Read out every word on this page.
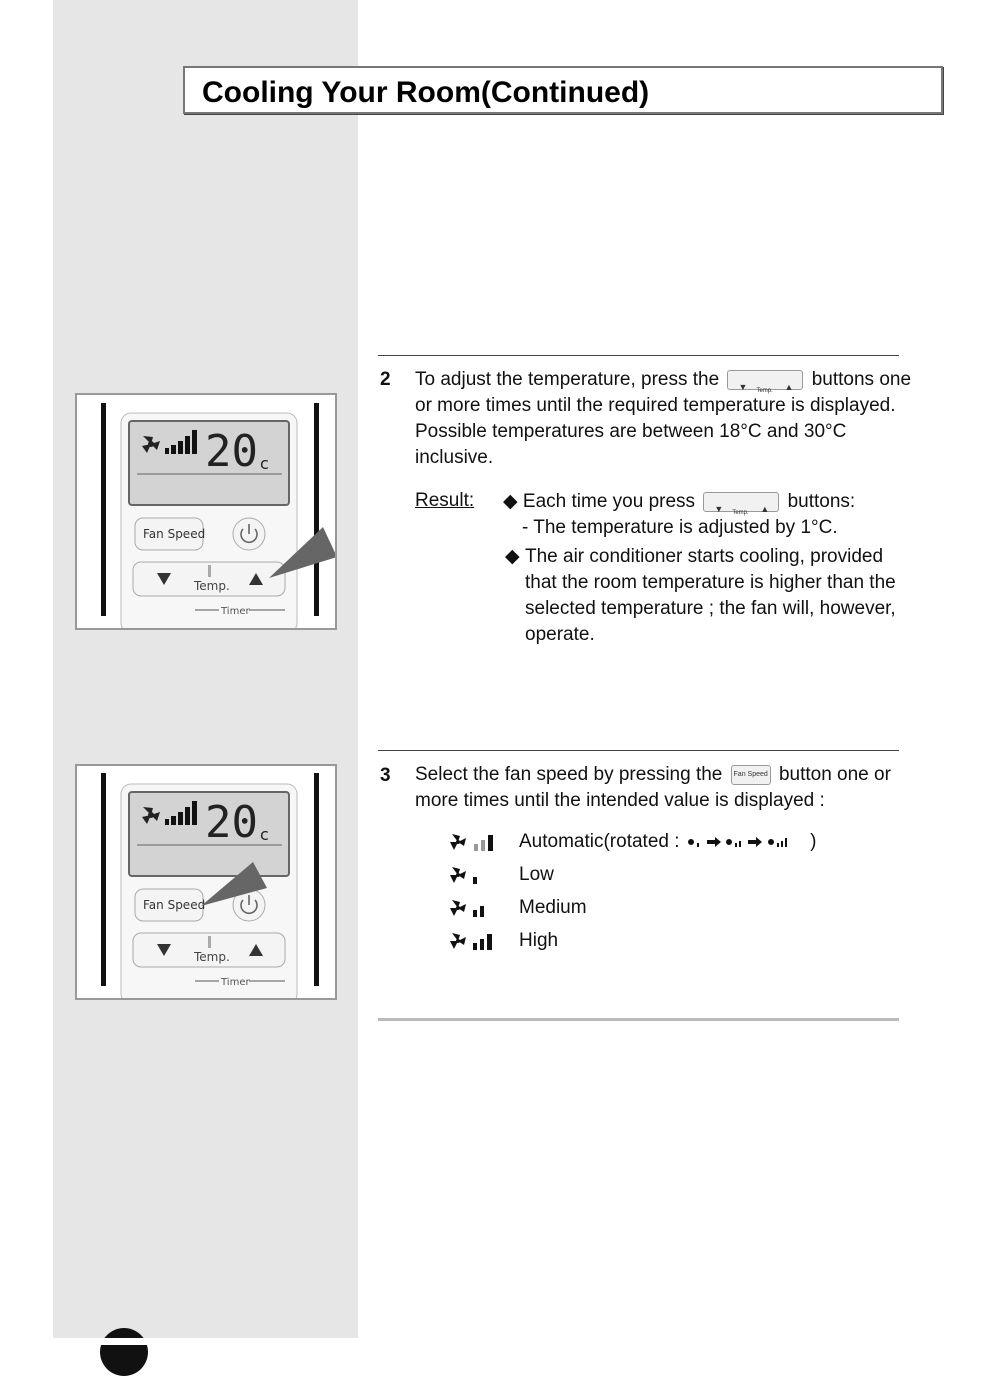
Cooling Your Room(Continued)
2 To adjust the temperature, press the ▼ Temp. ▲ buttons one
or more times until the required temperature is displayed.
Possible temperatures are between 18°C and 30°C
inclusive.
Result: ◆ Each time you press ▼ Temp. ▲ buttons:
- The temperature is adjusted by 1°C.
◆ The air conditioner starts cooling, provided
that the room temperature is higher than the
selected temperature ; the fan will, however,
operate.
3 Select the fan speed by pressing the Fan Speed button one or
more times until the intended value is displayed :
Automatic(rotated :	)
Low
Medium
High
20 c
Fan Speed
Temp.
Timer
20 c
Fan Speed
Temp.
Timer
